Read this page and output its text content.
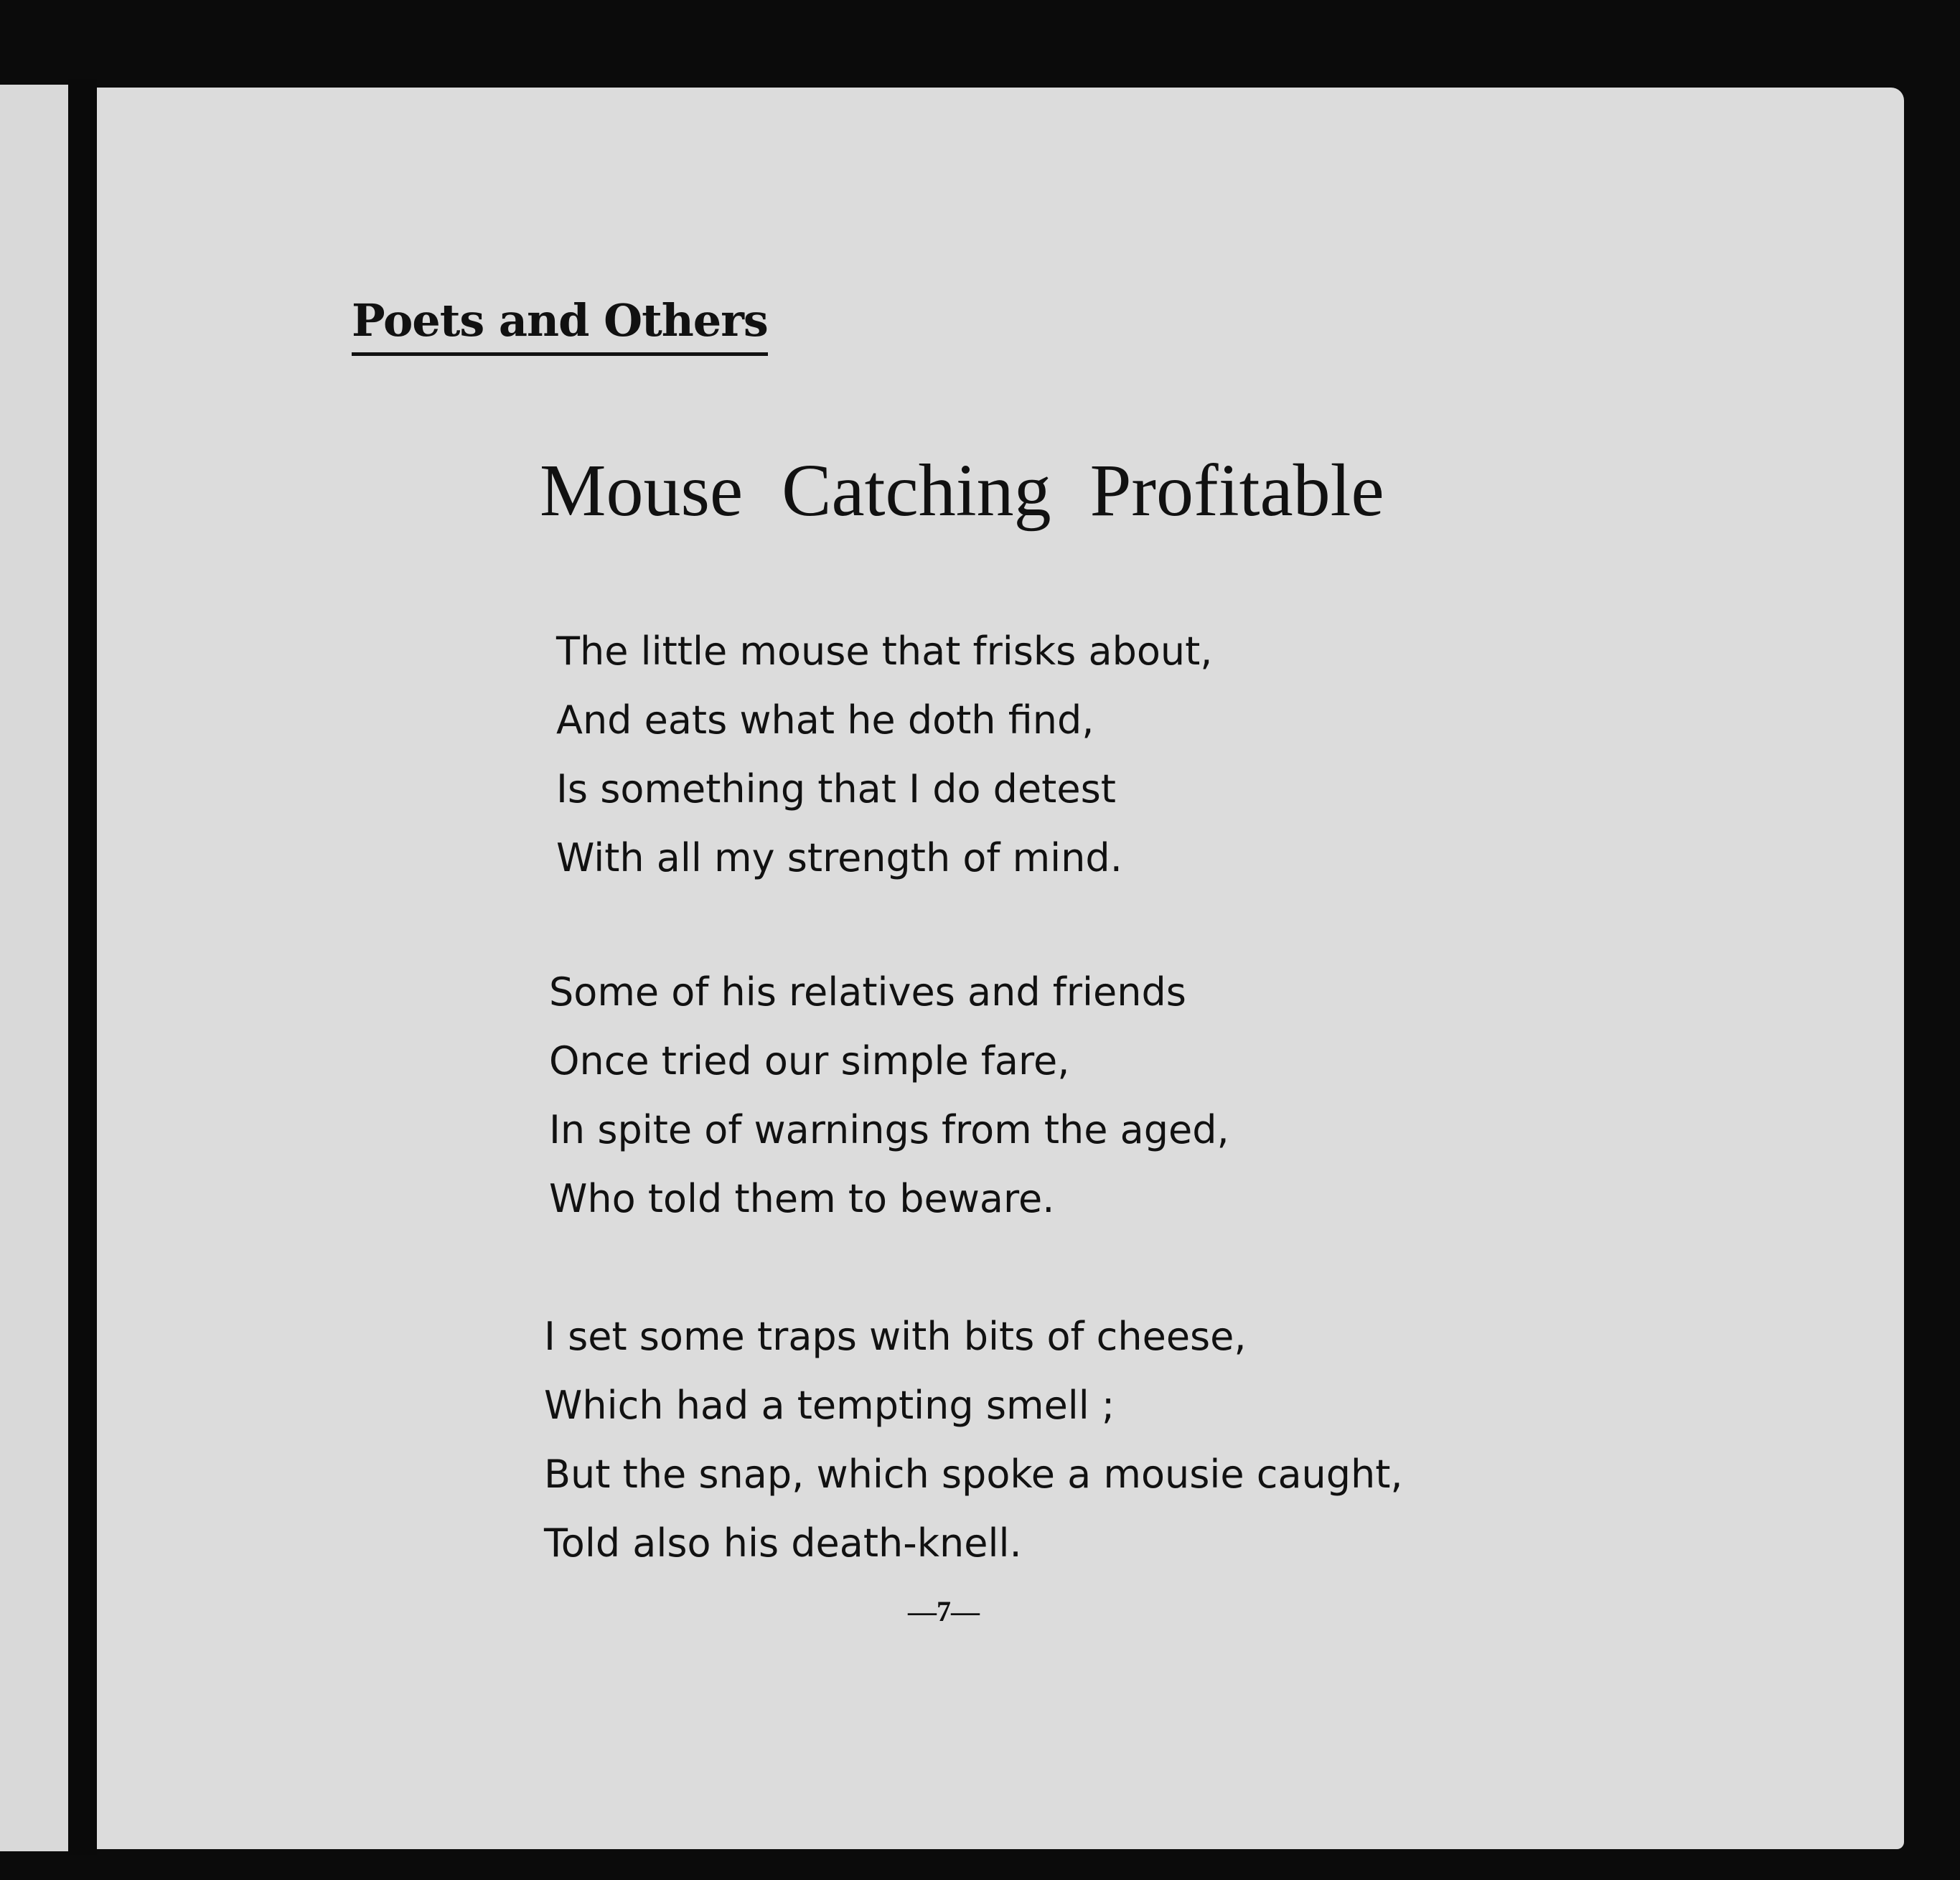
Poets and Others
Mouse Catching Profitable
The little mouse that frisks about,
And eats what he doth find,
Is something that I do detest
With all my strength of mind.
Some of his relatives and friends
Once tried our simple fare,
In spite of warnings from the aged,
Who told them to beware.
I set some traps with bits of cheese,
Which had a tempting smell ;
But the snap, which spoke a mousie caught,
Told also his death-knell.
—7—
